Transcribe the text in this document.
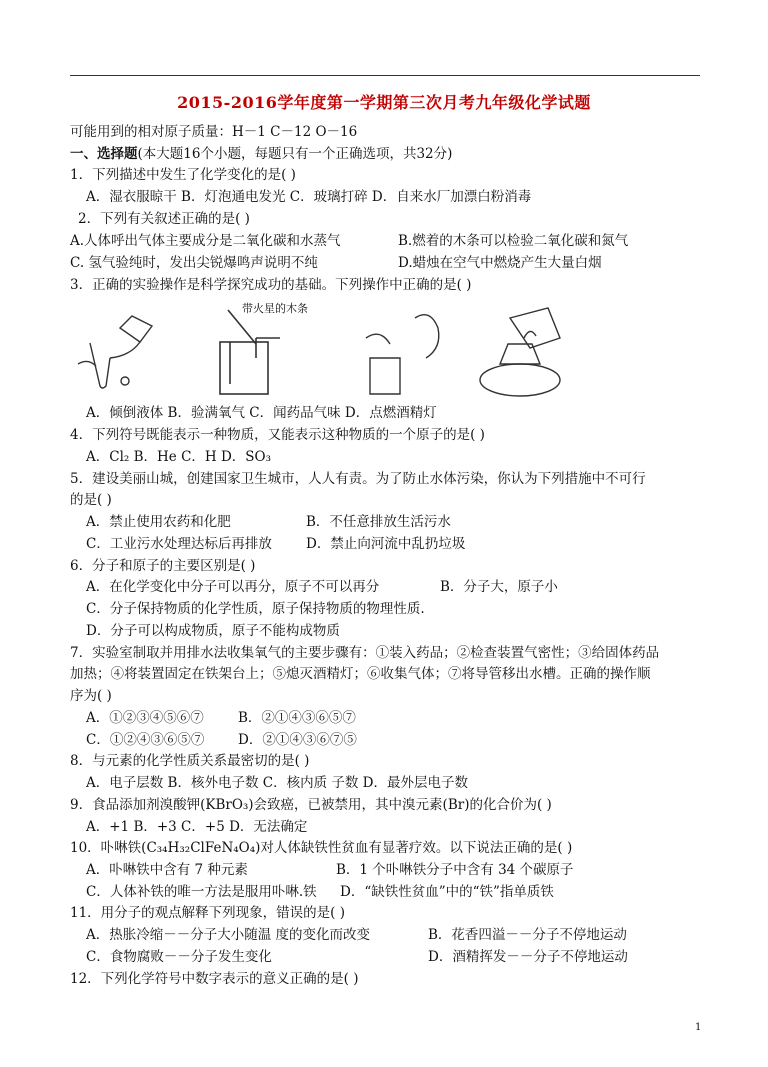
2015-2016学年度第一学期第三次月考九年级化学试题
可能用到的相对原子质量：H－1 C－12 O－16
一、选择题(本大题16个小题，每题只有一个正确选项，共32分)
1．下列描述中发生了化学变化的是( )
A．湿衣服晾干 B．灯泡通电发光 C．玻璃打碎 D．自来水厂加漂白粉消毒
2．下列有关叙述正确的是( )
A.人体呼出气体主要成分是二氧化碳和水蒸气	B.燃着的木条可以检验二氧化碳和氮气
C. 氢气验纯时，发出尖锐爆鸣声说明不纯	D.蜡烛在空气中燃烧产生大量白烟
3．正确的实验操作是科学探究成功的基础。下列操作中正确的是( )
带火星的木条
A．倾倒液体 B．验满氧气 C．闻药品气味 D．点燃酒精灯
4．下列符号既能表示一种物质，又能表示这种物质的一个原子的是( )
A．Cl₂ B．He C．H D．SO₃
5．建设美丽山城，创建国家卫生城市，人人有责。为了防止水体污染，你认为下列措施中不可行
的是( )
A．禁止使用农药和化肥	B．不任意排放生活污水
C．工业污水处理达标后再排放	D．禁止向河流中乱扔垃圾
6．分子和原子的主要区别是( )
A．在化学变化中分子可以再分，原子不可以再分	B．分子大，原子小
C．分子保持物质的化学性质，原子保持物质的物理性质.
D．分子可以构成物质，原子不能构成物质
7．实验室制取并用排水法收集氧气的主要步骤有：①装入药品；②检查装置气密性；③给固体药品
加热；④将装置固定在铁架台上；⑤熄灭酒精灯；⑥收集气体；⑦将导管移出水槽。正确的操作顺
序为( )
A．①②③④⑤⑥⑦	B．②①④③⑥⑤⑦
C．①②④③⑥⑤⑦ D．②①④③⑥⑦⑤
8．与元素的化学性质关系最密切的是( )
A．电子层数 B．核外电子数 C．核内质 子数 D．最外层电子数
9．食品添加剂溴酸钾(KBrO₃)会致癌，已被禁用，其中溴元素(Br)的化合价为( )
A．+1 B．+3 C．+5 D．无法确定
10．卟啉铁(C₃₄H₃₂ClFeN₄O₄)对人体缺铁性贫血有显著疗效。以下说法正确的是( )
A．卟啉铁中含有 7 种元素	B．1 个卟啉铁分子中含有 34 个碳原子
C．人体补铁的唯一方法是服用卟啉.铁 D．“缺铁性贫血”中的“铁”指单质铁
11．用分子的观点解释下列现象，错误的是( )
A．热胀冷缩－－分子大小随温 度的变化而改变	B．花香四溢－－分子不停地运动
C．食物腐败－－分子发生变化	D．酒精挥发－－分子不停地运动
12．下列化学符号中数字表示的意义正确的是( )
1
